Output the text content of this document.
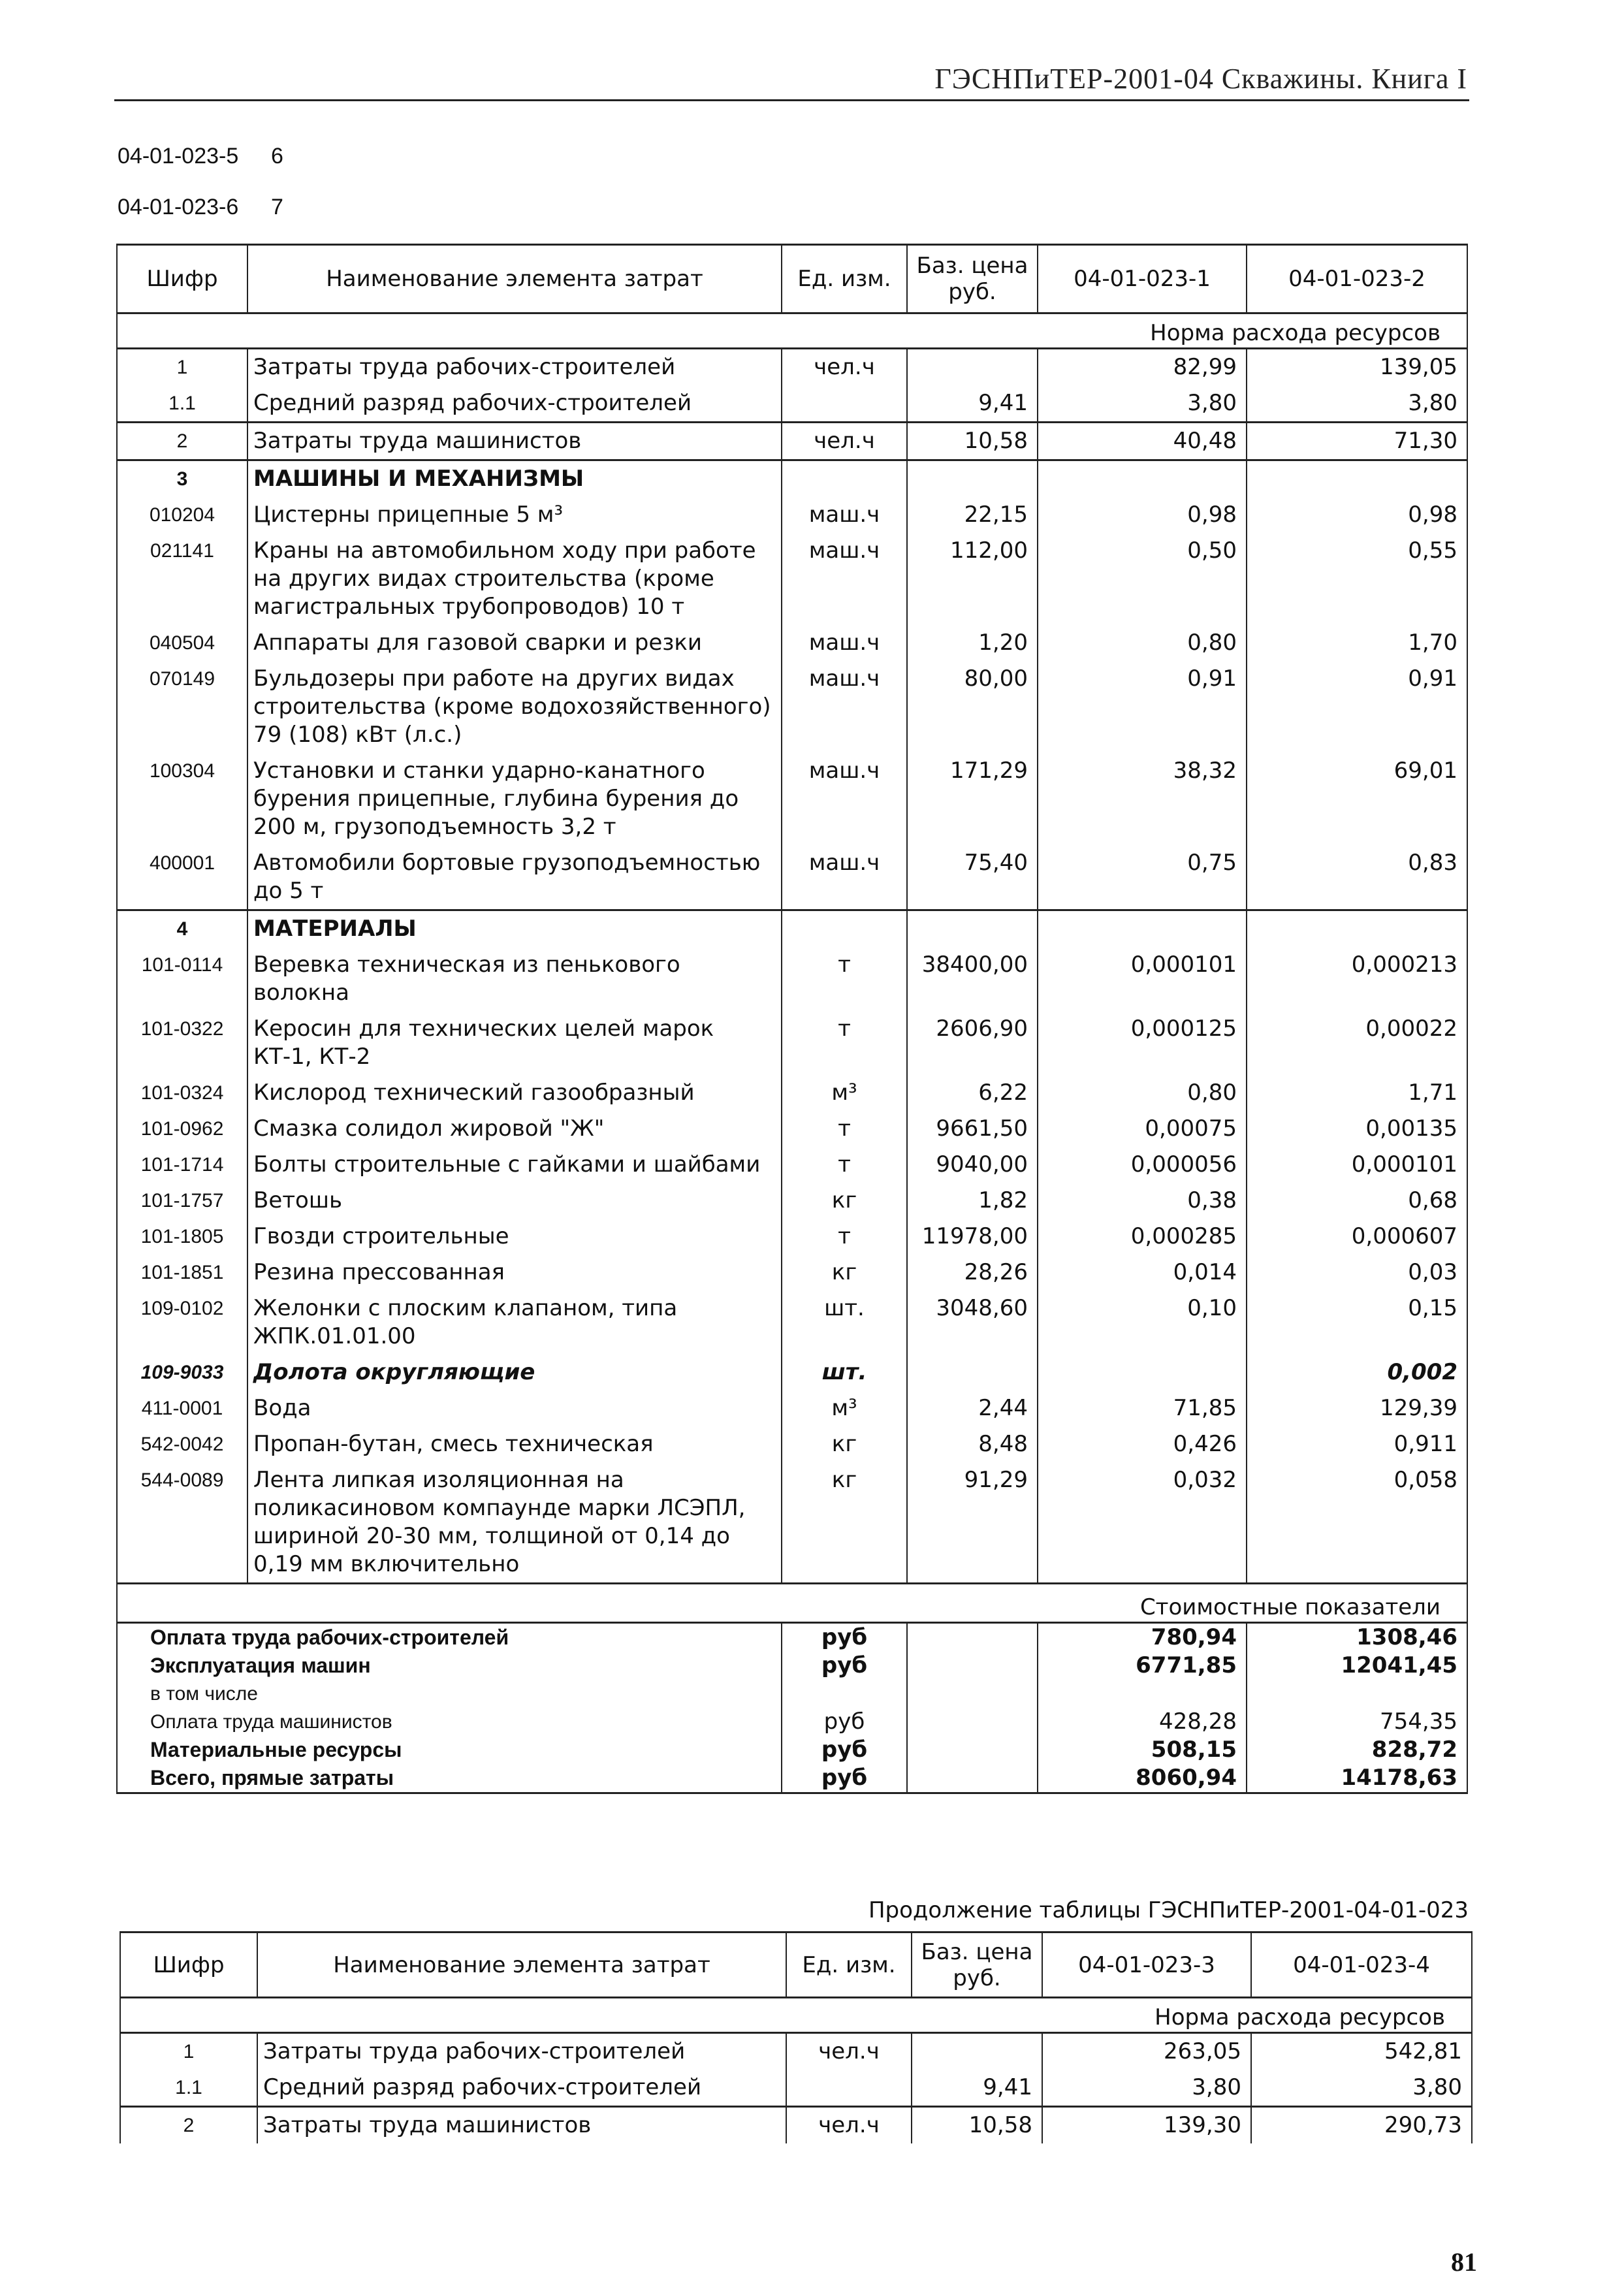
ГЭСНПиТЕР-2001-04 Скважины. Книга I
04-01-023-5	6
04-01-023-6	7
Шифр	Наименование элемента затрат	Ед. изм.	Баз. цена руб.	04-01-023-1	04-01-023-2
Норма расхода ресурсов					
1	Затраты труда рабочих-строителей	чел.ч		82,99	139,05
1.1	Средний разряд рабочих-строителей		9,41	3,80	3,80
2	Затраты труда машинистов	чел.ч	10,58	40,48	71,30
3	МАШИНЫ И МЕХАНИЗМЫ				
010204	Цистерны прицепные 5 м³	маш.ч	22,15	0,98	0,98
021141	Краны на автомобильном ходу при работе на других видах строительства (кроме магистральных трубопроводов) 10 т	маш.ч	112,00	0,50	0,55
040504	Аппараты для газовой сварки и резки	маш.ч	1,20	0,80	1,70
070149	Бульдозеры при работе на других видах строительства (кроме водохозяйственного) 79 (108) кВт (л.с.)	маш.ч	80,00	0,91	0,91
100304	Установки и станки ударно-канатного бурения прицепные, глубина бурения до 200 м, грузоподъемность 3,2 т	маш.ч	171,29	38,32	69,01
400001	Автомобили бортовые грузоподъемностью до 5 т	маш.ч	75,40	0,75	0,83
4	МАТЕРИАЛЫ				
101-0114	Веревка техническая из пенькового волокна	т	38400,00	0,000101	0,000213
101-0322	Керосин для технических целей марок КТ-1, КТ-2	т	2606,90	0,000125	0,00022
101-0324	Кислород технический газообразный	м³	6,22	0,80	1,71
101-0962	Смазка солидол жировой "Ж"	т	9661,50	0,00075	0,00135
101-1714	Болты строительные с гайками и шайбами	т	9040,00	0,000056	0,000101
101-1757	Ветошь	кг	1,82	0,38	0,68
101-1805	Гвозди строительные	т	11978,00	0,000285	0,000607
101-1851	Резина прессованная	кг	28,26	0,014	0,03
109-0102	Желонки с плоским клапаном, типа ЖПК.01.01.00	шт.	3048,60	0,10	0,15
109-9033	Долота округляющие	шт.			0,002
411-0001	Вода	м³	2,44	71,85	129,39
542-0042	Пропан-бутан, смесь техническая	кг	8,48	0,426	0,911
544-0089	Лента липкая изоляционная на поликасиновом компаунде марки ЛСЭПЛ, шириной 20-30 мм, толщиной от 0,14 до 0,19 мм включительно	кг	91,29	0,032	0,058
Стоимостные показатели					
Оплата труда рабочих-строителей		руб		780,94	1308,46
Эксплуатация машин		руб		6771,85	12041,45
в том числе					
Оплата труда машинистов		руб		428,28	754,35
Материальные ресурсы		руб		508,15	828,72
Всего, прямые затраты		руб		8060,94	14178,63
Продолжение таблицы ГЭСНПиТЕР-2001-04-01-023
Шифр	Наименование элемента затрат	Ед. изм.	Баз. цена руб.	04-01-023-3	04-01-023-4
Норма расхода ресурсов					
1	Затраты труда рабочих-строителей	чел.ч		263,05	542,81
1.1	Средний разряд рабочих-строителей		9,41	3,80	3,80
2	Затраты труда машинистов	чел.ч	10,58	139,30	290,73
81
